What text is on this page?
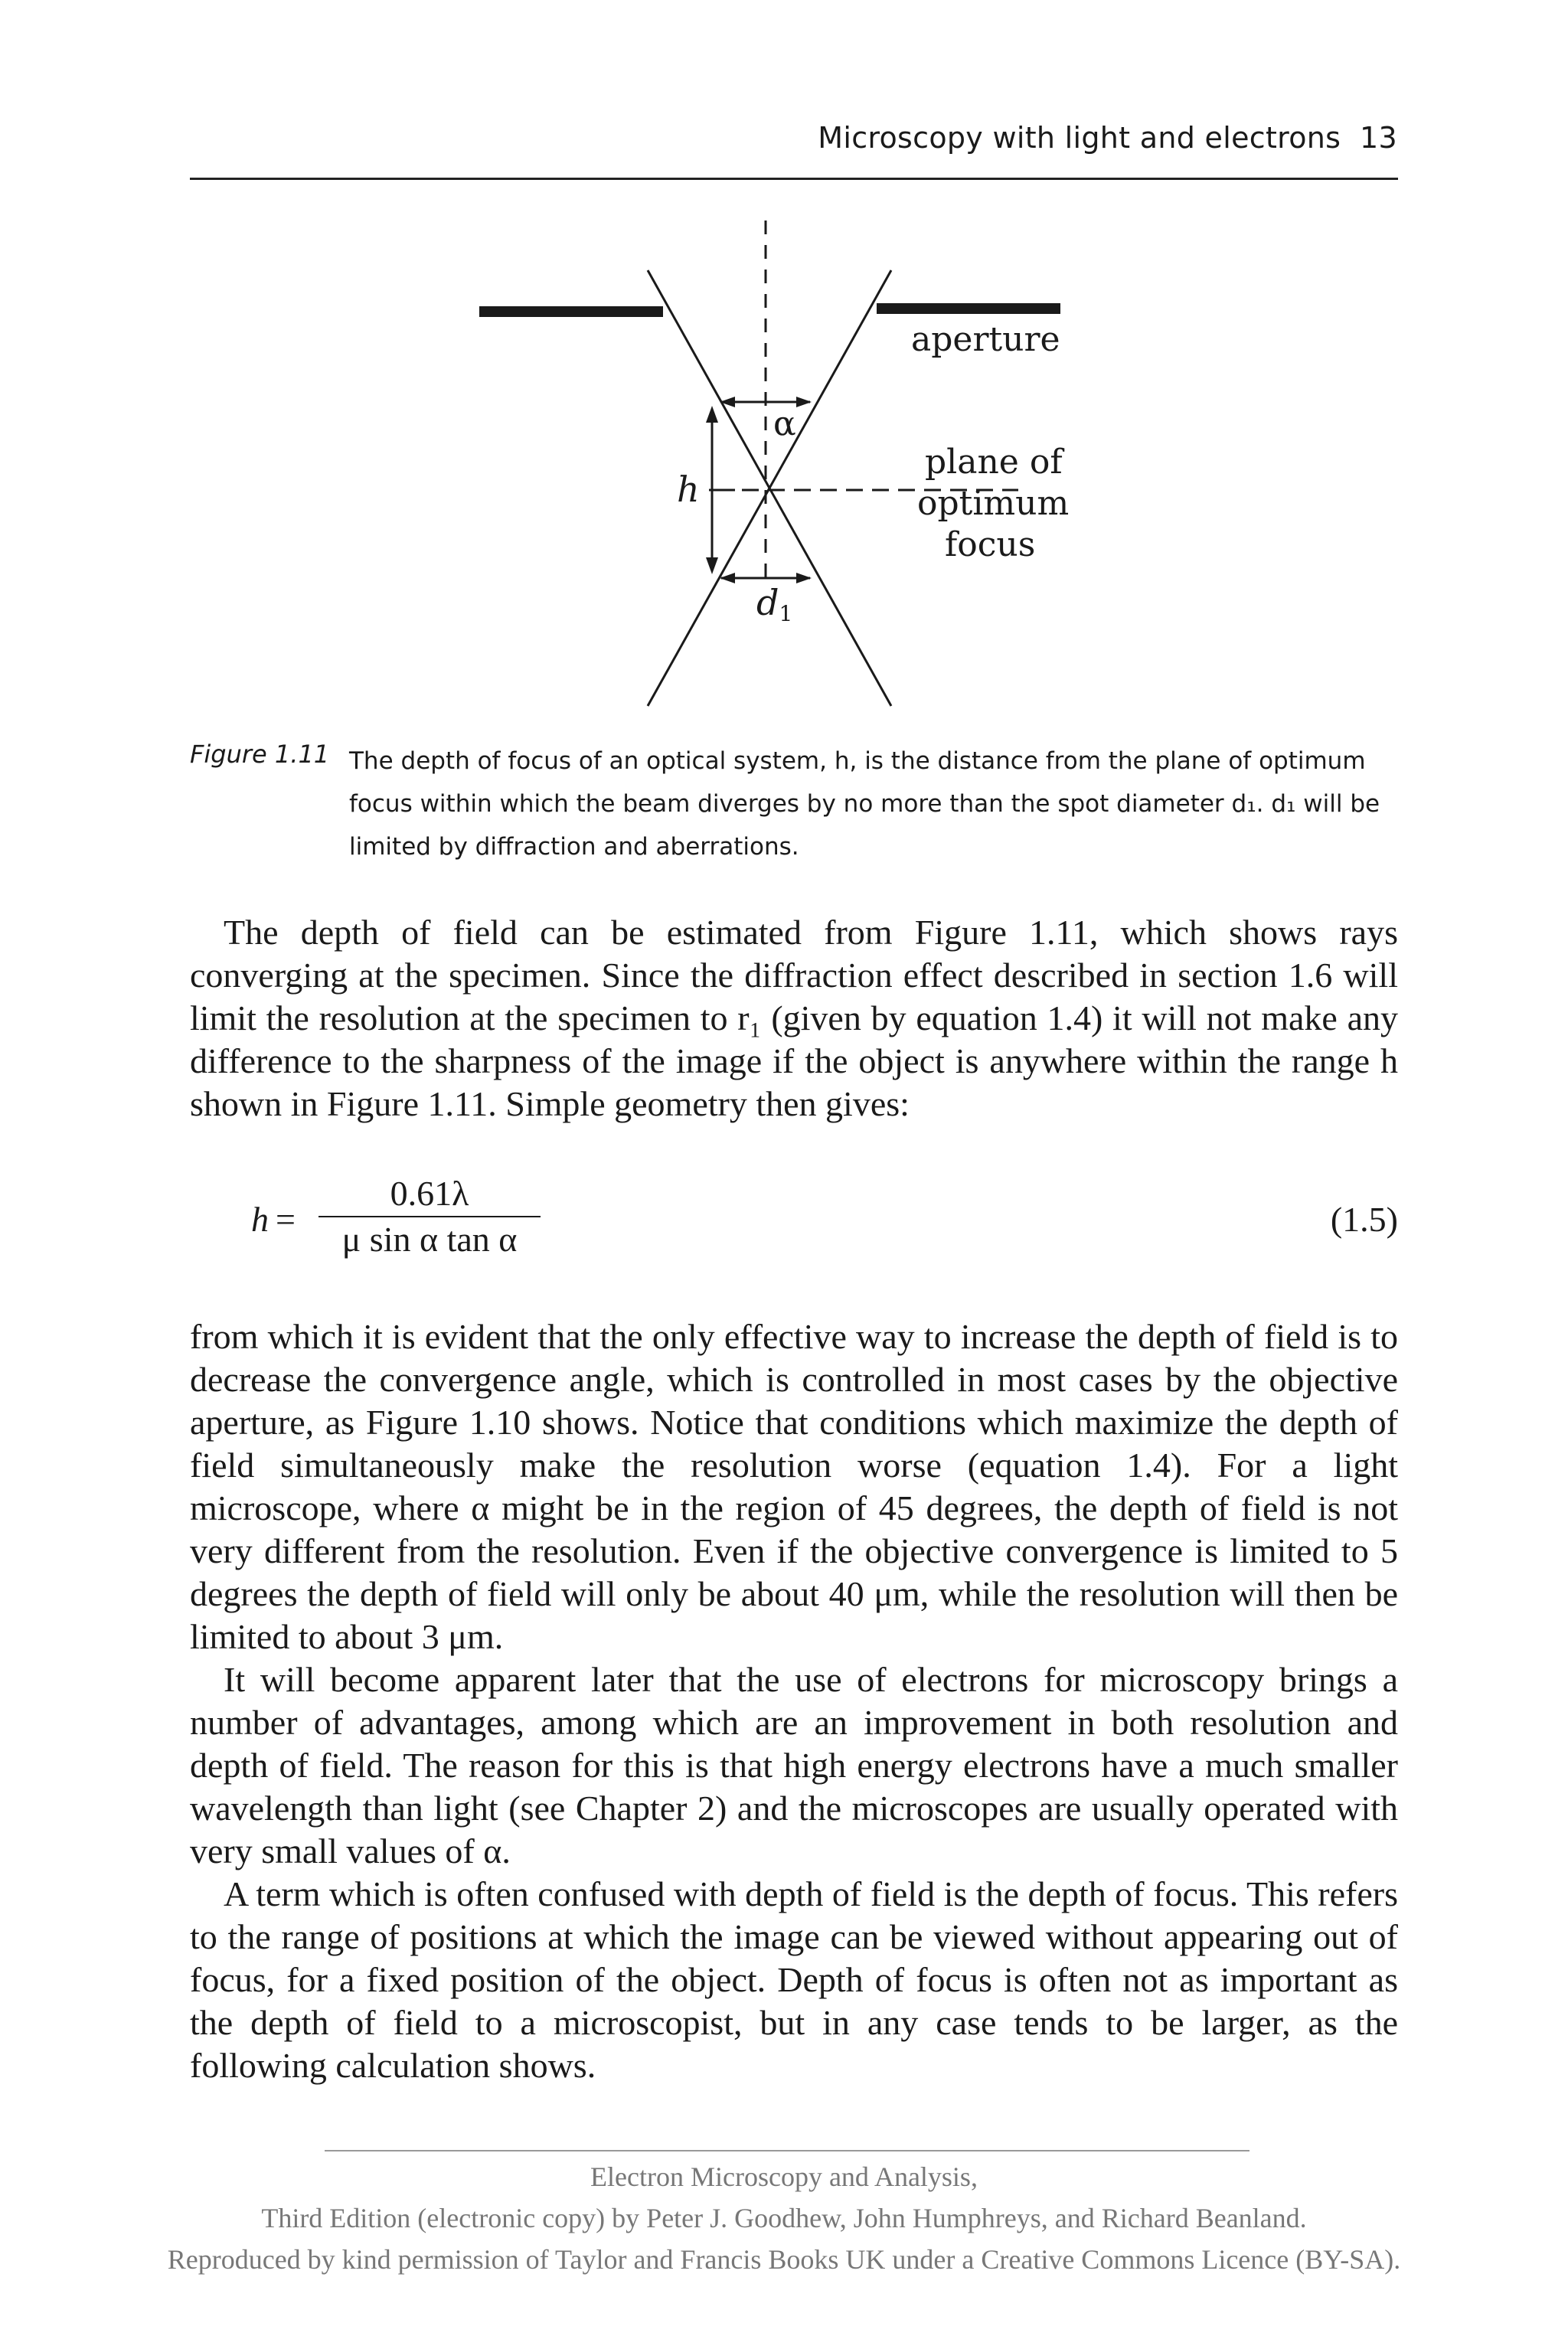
Microscopy with light and electrons 13
aperture
α
h
plane of
optimum
focus
d1
Figure 1.11 The depth of focus of an optical system, h, is the distance from the plane of optimum focus within which the beam diverges by no more than the spot diameter d₁. d₁ will be limited by diffraction and aberrations.

The depth of field can be estimated from Figure 1.11, which shows rays converging at the specimen. Since the diffraction effect described in section 1.6 will limit the resolution at the specimen to r₁ (given by equation 1.4) it will not make any difference to the sharpness of the image if the object is anywhere within the range h shown in Figure 1.11. Simple geometry then gives:

h =
0.61λ
μ sin α tan α
(1.5)

from which it is evident that the only effective way to increase the depth of field is to decrease the convergence angle, which is controlled in most cases by the objective aperture, as Figure 1.10 shows. Notice that conditions which maximize the depth of field simultaneously make the resolution worse (equation 1.4). For a light microscope, where α might be in the region of 45 degrees, the depth of field is not very different from the resolution. Even if the objective convergence is limited to 5 degrees the depth of field will only be about 40 μm, while the resolution will then be limited to about 3 μm.

It will become apparent later that the use of electrons for microscopy brings a number of advantages, among which are an improvement in both resolution and depth of field. The reason for this is that high energy electrons have a much smaller wavelength than light (see Chapter 2) and the microscopes are usually operated with very small values of α.

A term which is often confused with depth of field is the depth of focus. This refers to the range of positions at which the image can be viewed without appearing out of focus, for a fixed position of the object. Depth of focus is often not as important as the depth of field to a microscopist, but in any case tends to be larger, as the following calculation shows.

Electron Microscopy and Analysis,
Third Edition (electronic copy) by Peter J. Goodhew, John Humphreys, and Richard Beanland.
Reproduced by kind permission of Taylor and Francis Books UK under a Creative Commons Licence (BY-SA).
